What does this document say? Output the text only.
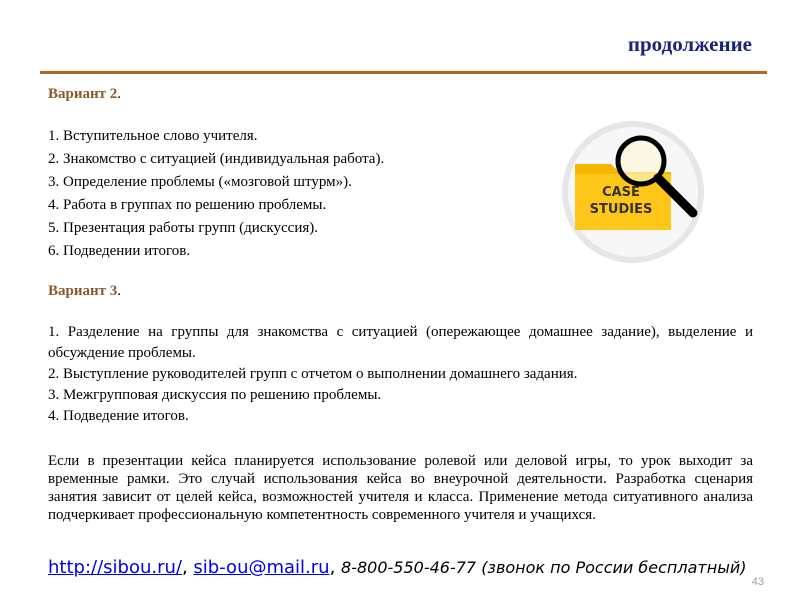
продолжение
Вариант 2.
1. Вступительное слово учителя.
2. Знакомство с ситуацией (индивидуальная работа).
3. Определение проблемы («мозговой штурм»).
4. Работа в группах по решению проблемы.
5. Презентация работы групп (дискуссия).
6. Подведении итогов.
CASE
STUDIES
Вариант 3.
1. Разделение на группы для знакомства с ситуацией (опережающее домашнее задание), выделение и обсуждение проблемы.
2. Выступление руководителей групп с отчетом о выполнении домашнего задания.
3. Межгрупповая дискуссия по решению проблемы.
4. Подведение итогов.
Если в презентации кейса планируется использование ролевой или деловой игры, то урок выходит за временные рамки. Это случай использования кейса во внеурочной деятельности. Разработка сценария занятия зависит от целей кейса, возможностей учителя и класса. Применение метода ситуативного анализа подчеркивает профессиональную компетентность современного учителя и учащихся.
http://sibou.ru/, sib-ou@mail.ru, 8-800-550-46-77 (звонок по России бесплатный)
43
